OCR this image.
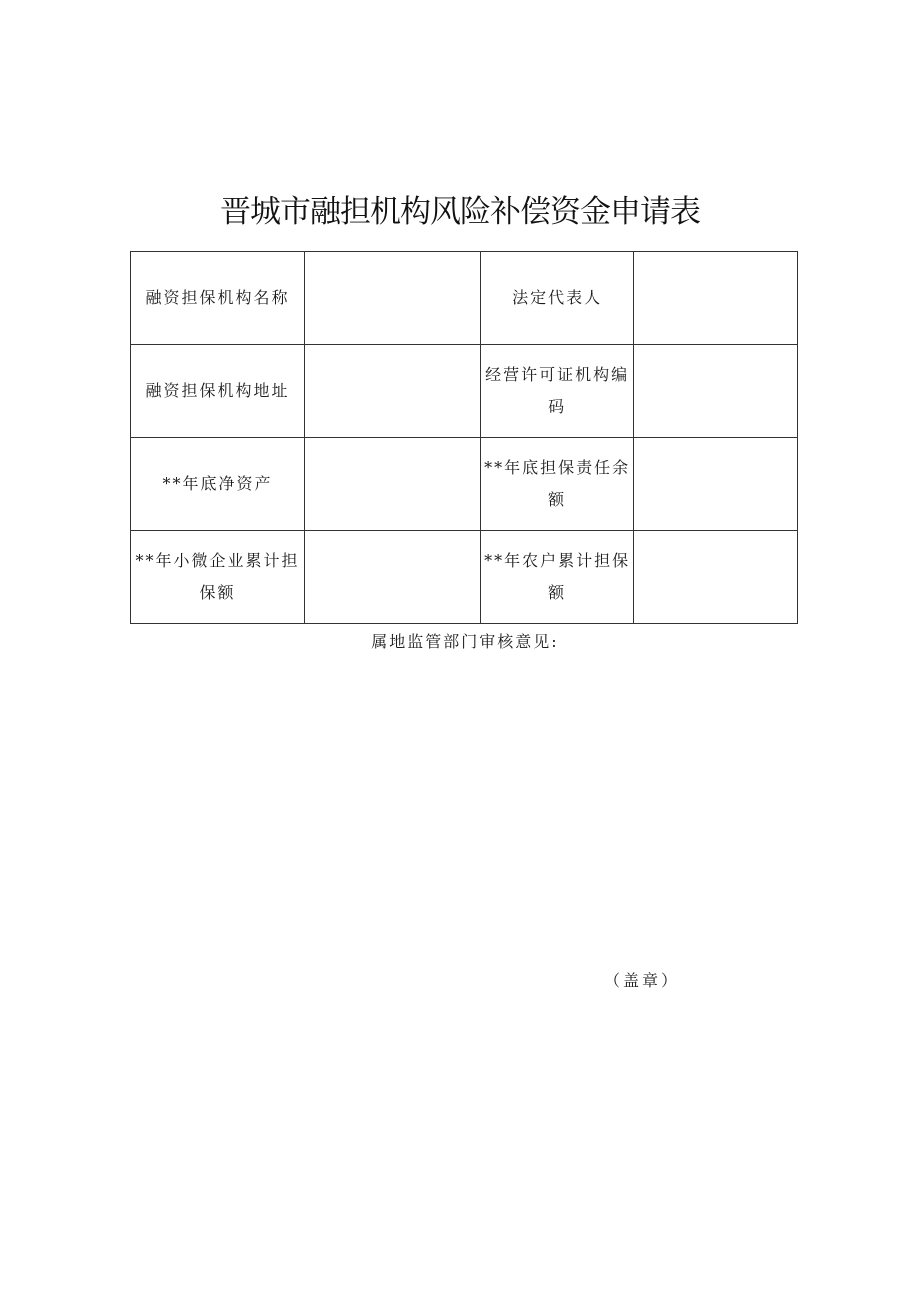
晋城市融担机构风险补偿资金申请表
融资担保机构名称		法定代表人	
融资担保机构地址		经营许可证机构编码	
**年底净资产		**年底担保责任余额	
**年小微企业累计担保额		**年农户累计担保额	
属地监管部门审核意见:
（盖章）
